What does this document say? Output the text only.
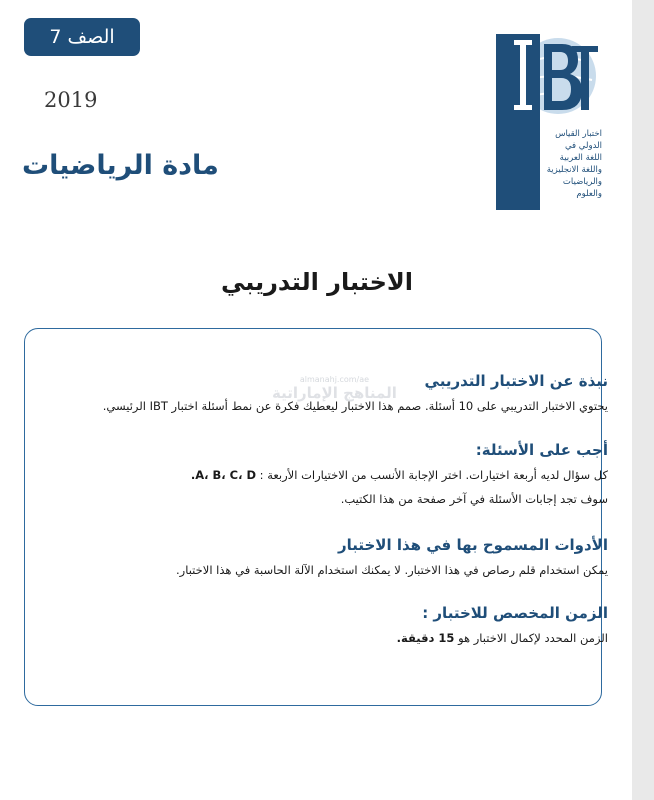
الصف 7
2019
مادة الرياضيات
اختبار القياس
الدولي في
اللغة العربية
واللغة الانجليزية
والرياضيات
والعلوم
الاختبار التدريبي
almanahj.com/ae
المناهج الإماراتية
نبذة عن الاختبار التدريبي

يحتوي الاختبار التدريبي على 10 أسئلة. صمم هذا الاختبار ليعطيك فكرة عن نمط أسئلة اختبار IBT الرئيسي.

أجب على الأسئلة:

كل سؤال لديه أربعة اختيارات. اختر الإجابة الأنسب من الاختيارات الأربعة : A، B، C، D.

سوف تجد إجابات الأسئلة في آخر صفحة من هذا الكتيب.

الأدوات المسموح بها في هذا الاختبار

يمكن استخدام قلم رصاص في هذا الاختبار. لا يمكنك استخدام الآلة الحاسبة في هذا الاختبار.

الزمن المخصص للاختبار :

الزمن المحدد لإكمال الاختبار هو 15 دقيقة.
